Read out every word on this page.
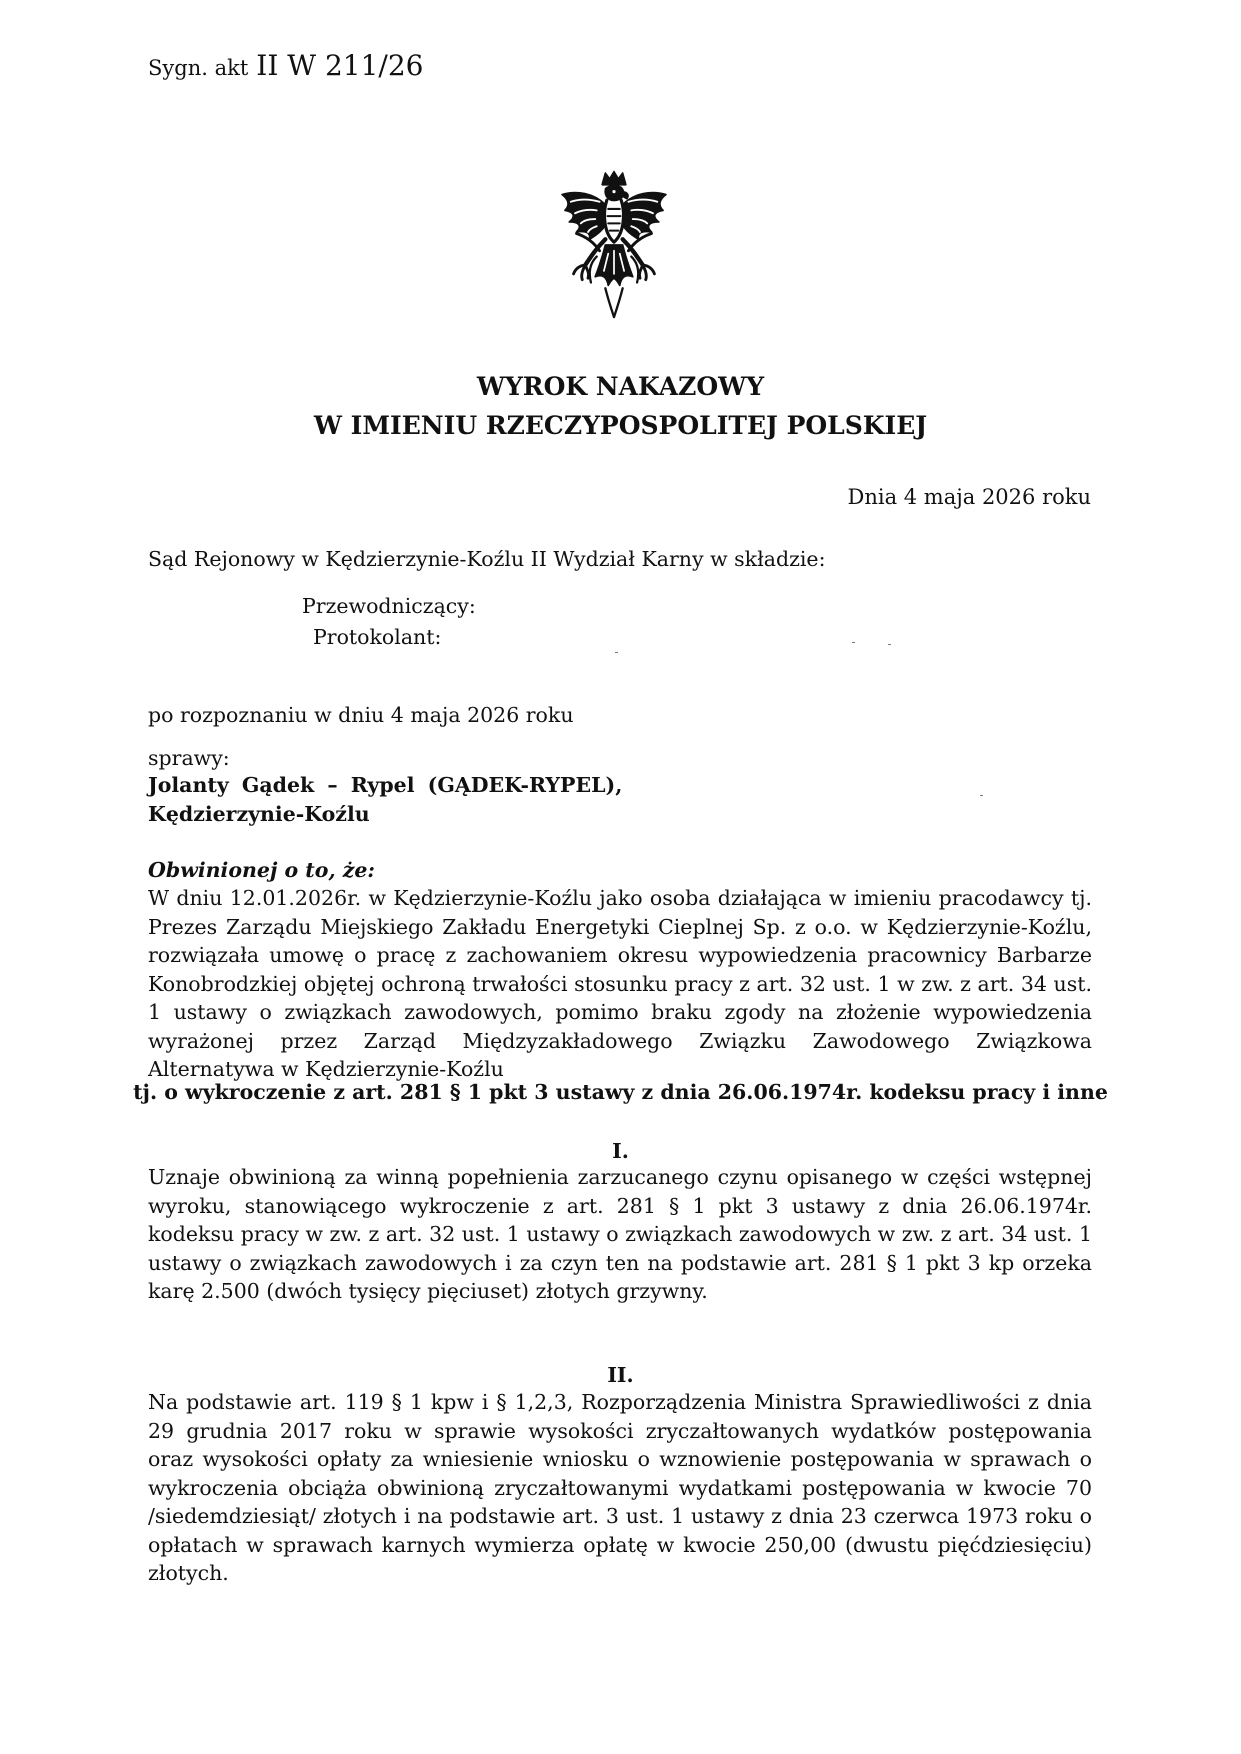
Sygn. akt II W 211/26
WYROK NAKAZOWY
W IMIENIU RZECZYPOSPOLITEJ POLSKIEJ
Dnia 4 maja 2026 roku
Sąd Rejonowy w Kędzierzynie-Koźlu II Wydział Karny w składzie:
Przewodniczący:
Protokolant:
po rozpoznaniu w dniu 4 maja 2026 roku
sprawy:
Jolanty Gądek – Rypel (GĄDEK-RYPEL),
Kędzierzynie-Koźlu
Obwinionej o to, że:
W dniu 12.01.2026r. w Kędzierzynie-Koźlu jako osoba działająca w imieniu pracodawcy tj. Prezes Zarządu Miejskiego Zakładu Energetyki Cieplnej Sp. z o.o. w Kędzierzynie-Koźlu, rozwiązała umowę o pracę z zachowaniem okresu wypowiedzenia pracownicy Barbarze Konobrodzkiej objętej ochroną trwałości stosunku pracy z art. 32 ust. 1 w zw. z art. 34 ust. 1 ustawy o związkach zawodowych, pomimo braku zgody na złożenie wypowiedzenia wyrażonej przez Zarząd Międzyzakładowego Związku Zawodowego Związkowa Alternatywa w Kędzierzynie-Koźlu
tj. o wykroczenie z art. 281 § 1 pkt 3 ustawy z dnia 26.06.1974r. kodeksu pracy i inne
I.
Uznaje obwinioną za winną popełnienia zarzucanego czynu opisanego w części wstępnej wyroku, stanowiącego wykroczenie z art. 281 § 1 pkt 3 ustawy z dnia 26.06.1974r. kodeksu pracy w zw. z art. 32 ust. 1 ustawy o związkach zawodowych w zw. z art. 34 ust. 1 ustawy o związkach zawodowych i za czyn ten na podstawie art. 281 § 1 pkt 3 kp orzeka karę 2.500 (dwóch tysięcy pięciuset) złotych grzywny.
II.
Na podstawie art. 119 § 1 kpw i § 1,2,3, Rozporządzenia Ministra Sprawiedliwości z dnia 29 grudnia 2017 roku w sprawie wysokości zryczałtowanych wydatków postępowania oraz wysokości opłaty za wniesienie wniosku o wznowienie postępowania w sprawach o wykroczenia obciąża obwinioną zryczałtowanymi wydatkami postępowania w kwocie 70 /siedemdziesiąt/ złotych i na podstawie art. 3 ust. 1 ustawy z dnia 23 czerwca 1973 roku o opłatach w sprawach karnych wymierza opłatę w kwocie 250,00 (dwustu pięćdziesięciu) złotych.
